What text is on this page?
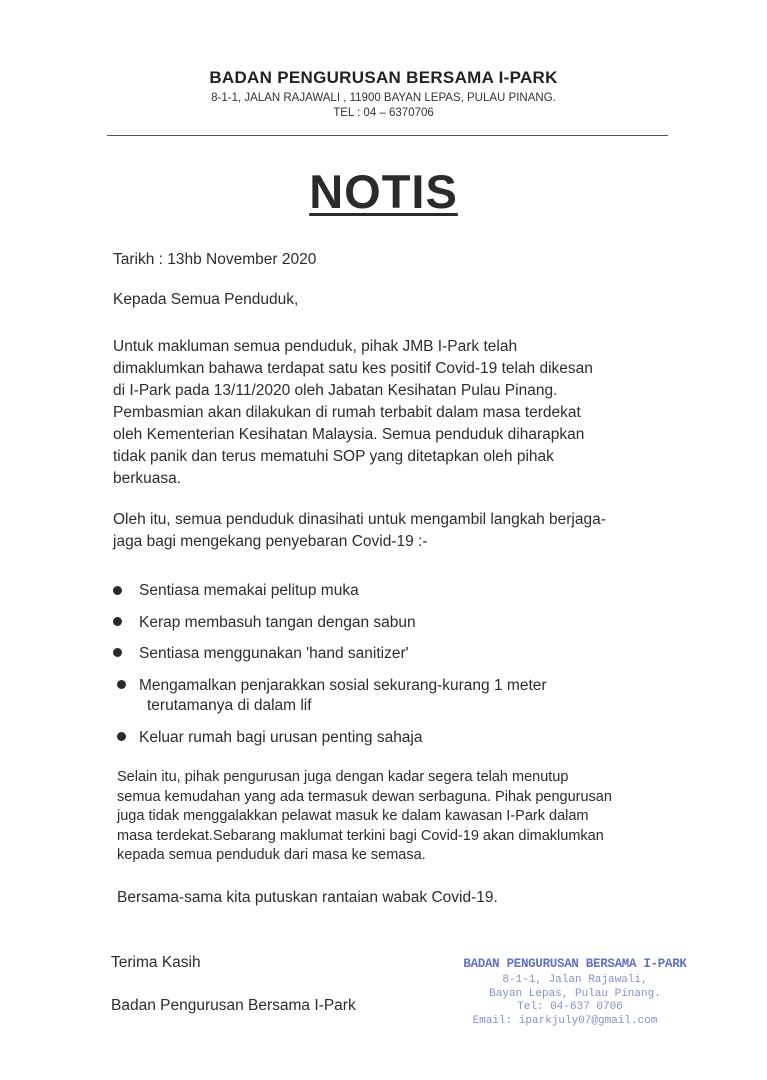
BADAN PENGURUSAN BERSAMA I-PARK
8-1-1, JALAN RAJAWALI , 11900 BAYAN LEPAS, PULAU PINANG.
TEL : 04 – 6370706
NOTIS
Tarikh : 13hb November 2020
Kepada Semua Penduduk,
Untuk makluman semua penduduk, pihak JMB I-Park telah
dimaklumkan bahawa terdapat satu kes positif Covid-19 telah dikesan
di I-Park pada 13/11/2020 oleh Jabatan Kesihatan Pulau Pinang.
Pembasmian akan dilakukan di rumah terbabit dalam masa terdekat
oleh Kementerian Kesihatan Malaysia. Semua penduduk diharapkan
tidak panik dan terus mematuhi SOP yang ditetapkan oleh pihak
berkuasa.
Oleh itu, semua penduduk dinasihati untuk mengambil langkah berjaga-
jaga bagi mengekang penyebaran Covid-19 :-
Sentiasa memakai pelitup muka
Kerap membasuh tangan dengan sabun
Sentiasa menggunakan 'hand sanitizer'
Mengamalkan penjarakkan sosial sekurang-kurang 1 meter
terutamanya di dalam lif
Keluar rumah bagi urusan penting sahaja
Selain itu, pihak pengurusan juga dengan kadar segera telah menutup
semua kemudahan yang ada termasuk dewan serbaguna. Pihak pengurusan
juga tidak menggalakkan pelawat masuk ke dalam kawasan I-Park dalam
masa terdekat.Sebarang maklumat terkini bagi Covid-19 akan dimaklumkan
kepada semua penduduk dari masa ke semasa.
Bersama-sama kita putuskan rantaian wabak Covid-19.
Terima Kasih
Badan Pengurusan Bersama I-Park
BADAN PENGURUSAN BERSAMA I-PARK
8-1-1, Jalan Rajawali,
Bayan Lepas, Pulau Pinang.
Tel: 04-637 0706
Email: iparkjuly07@gmail.com
